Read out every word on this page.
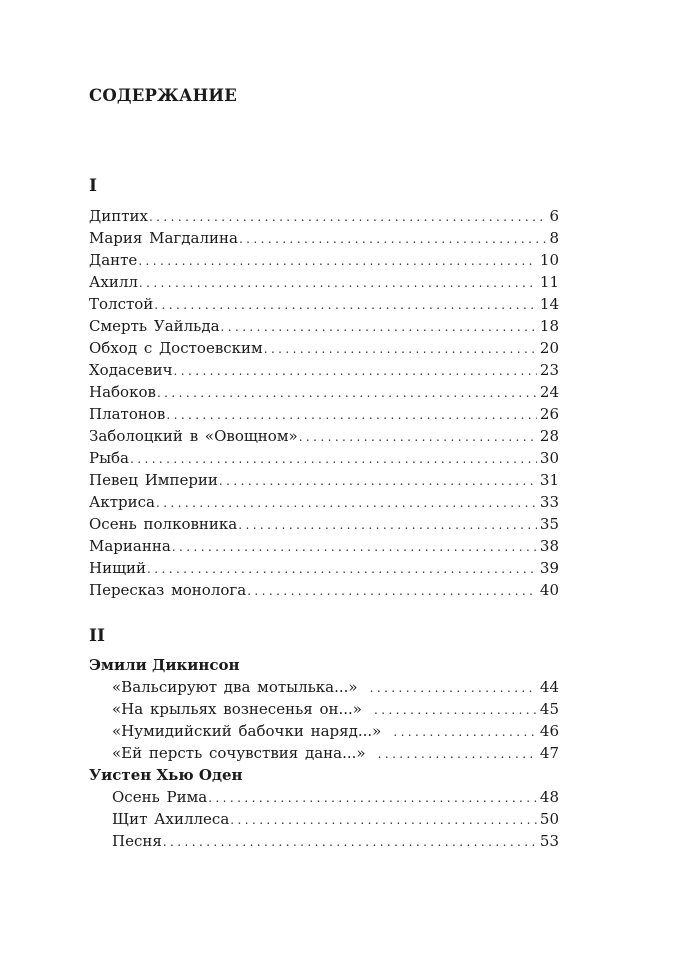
СОДЕРЖАНИЕ
I
Диптих . . .	6
Мария Магдалина . . .	8
Данте . . .	10
Ахилл . . .	11
Толстой . . .	14
Смерть Уайльда . . .	18
Обход с Достоевским . . .	20
Ходасевич . . .	23
Набоков . . .	24
Платонов . . .	26
Заболоцкий в «Овощном» . . .	28
Рыба . . .	30
Певец Империи . . .	31
Актриса . . .	33
Осень полковника . . .	35
Марианна . . .	38
Нищий . . .	39
Пересказ монолога . . .	40
II
Эмили Дикинсон
«Вальсируют два мотылька...» . . .	44
«На крыльях вознесенья он...» . . .	45
«Нумидийский бабочки наряд...» . . .	46
«Ей персть сочувствия дана...» . . .	47
Уистен Хью Оден
Осень Рима . . .	48
Щит Ахиллеса . . .	50
Песня . . .	53
